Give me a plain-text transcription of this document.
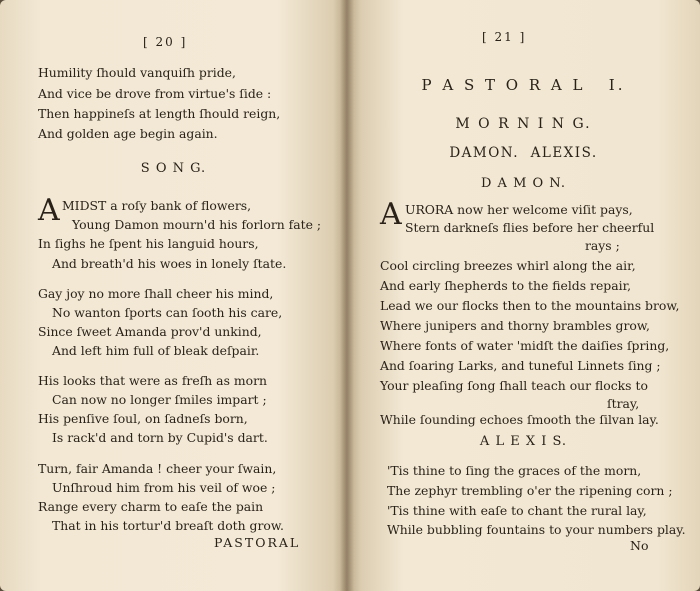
[ 20 ]
Humility ſhould vanquiſh pride,
And vice be drove from virtue's ſide :
Then happineſs at length ſhould reign,
And golden age begin again.
S O N G.
A MIDST a roſy bank of flowers,
Young Damon mourn'd his forlorn fate ;
In ſighs he ſpent his languid hours,
And breath'd his woes in lonely ſtate.
Gay joy no more ſhall cheer his mind,
No wanton ſports can ſooth his care,
Since ſweet Amanda prov'd unkind,
And left him full of bleak deſpair.
His looks that were as freſh as morn
Can now no longer ſmiles impart ;
His penſive ſoul, on ſadneſs born,
Is rack'd and torn by Cupid's dart.
Turn, fair Amanda ! cheer your ſwain,
Unſhroud him from his veil of woe ;
Range every charm to eaſe the pain
That in his tortur'd breaſt doth grow.
PASTORAL
[ 21 ]
P A S T O R A L   I.
M O R N I N G.
DAMON.  ALEXIS.
D A M O N.
A URORA now her welcome viſit pays,
Stern darkneſs flies before her cheerful
rays ;
Cool circling breezes whirl along the air,
And early ſhepherds to the fields repair,
Lead we our flocks then to the mountains brow,
Where junipers and thorny brambles grow,
Where fonts of water 'midſt the daiſies ſpring,
And ſoaring Larks, and tuneful Linnets ſing ;
Your pleaſing ſong ſhall teach our flocks to
ſtray,
While ſounding echoes ſmooth the ſilvan lay.
A L E X I S.
'Tis thine to ſing the graces of the morn,
The zephyr trembling o'er the ripening corn ;
'Tis thine with eaſe to chant the rural lay,
While bubbling fountains to your numbers play.
No
